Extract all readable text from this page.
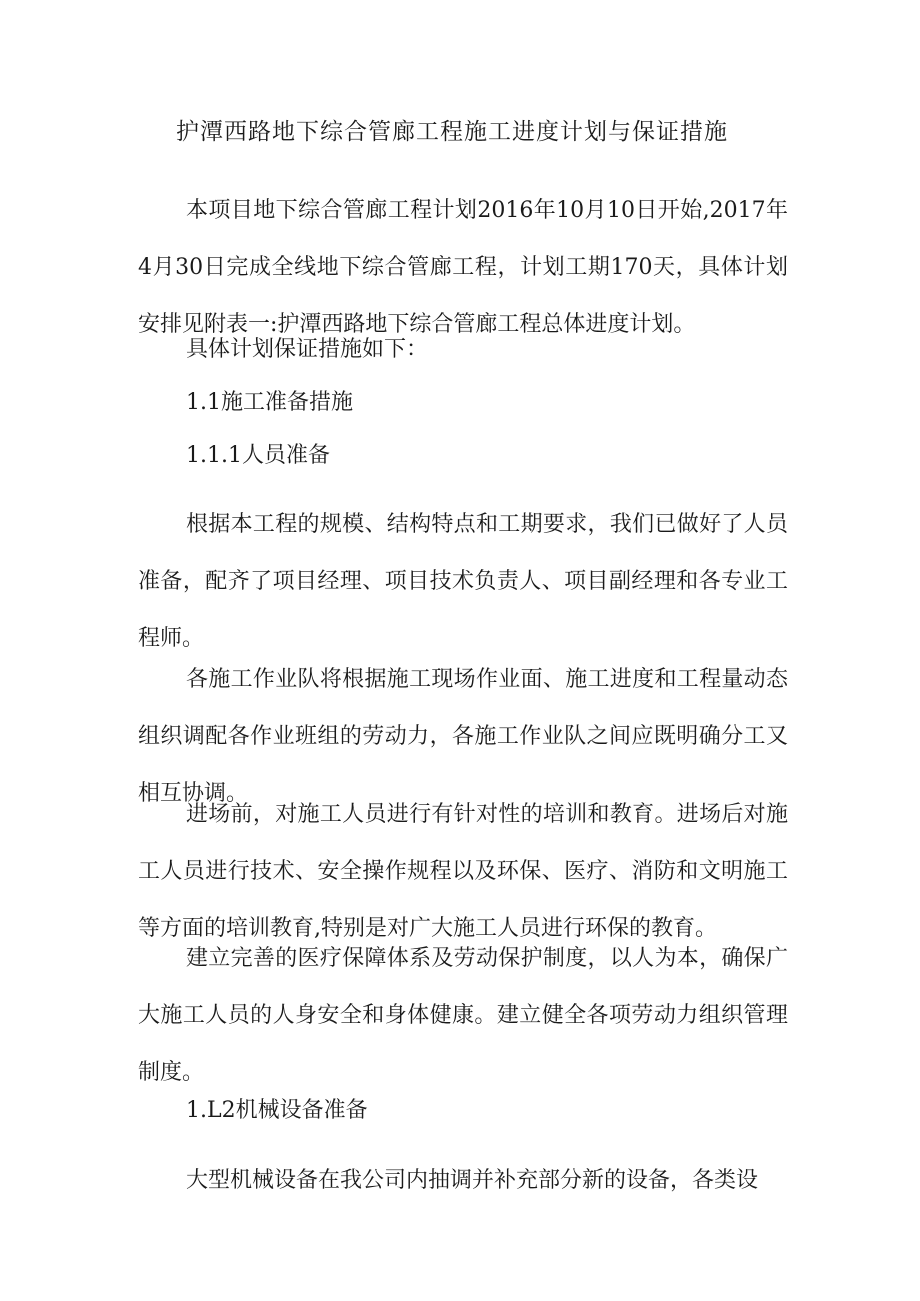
护潭西路地下综合管廊工程施工进度计划与保证措施

本项目地下综合管廊工程计划2016年10月10日开始,2017年4月30日完成全线地下综合管廊工程，计划工期170天，具体计划安排见附表一:护潭西路地下综合管廊工程总体进度计划。

具体计划保证措施如下：
1.1施工准备措施
1.1.1人员准备

根据本工程的规模、结构特点和工期要求，我们已做好了人员准备，配齐了项目经理、项目技术负责人、项目副经理和各专业工程师。

各施工作业队将根据施工现场作业面、施工进度和工程量动态组织调配各作业班组的劳动力，各施工作业队之间应既明确分工又相互协调。

进场前，对施工人员进行有针对性的培训和教育。进场后对施工人员进行技术、安全操作规程以及环保、医疗、消防和文明施工等方面的培训教育,特别是对广大施工人员进行环保的教育。

建立完善的医疗保障体系及劳动保护制度，以人为本，确保广大施工人员的人身安全和身体健康。建立健全各项劳动力组织管理制度。

1.L2机械设备准备

大型机械设备在我公司内抽调并补充部分新的设备，各类设
